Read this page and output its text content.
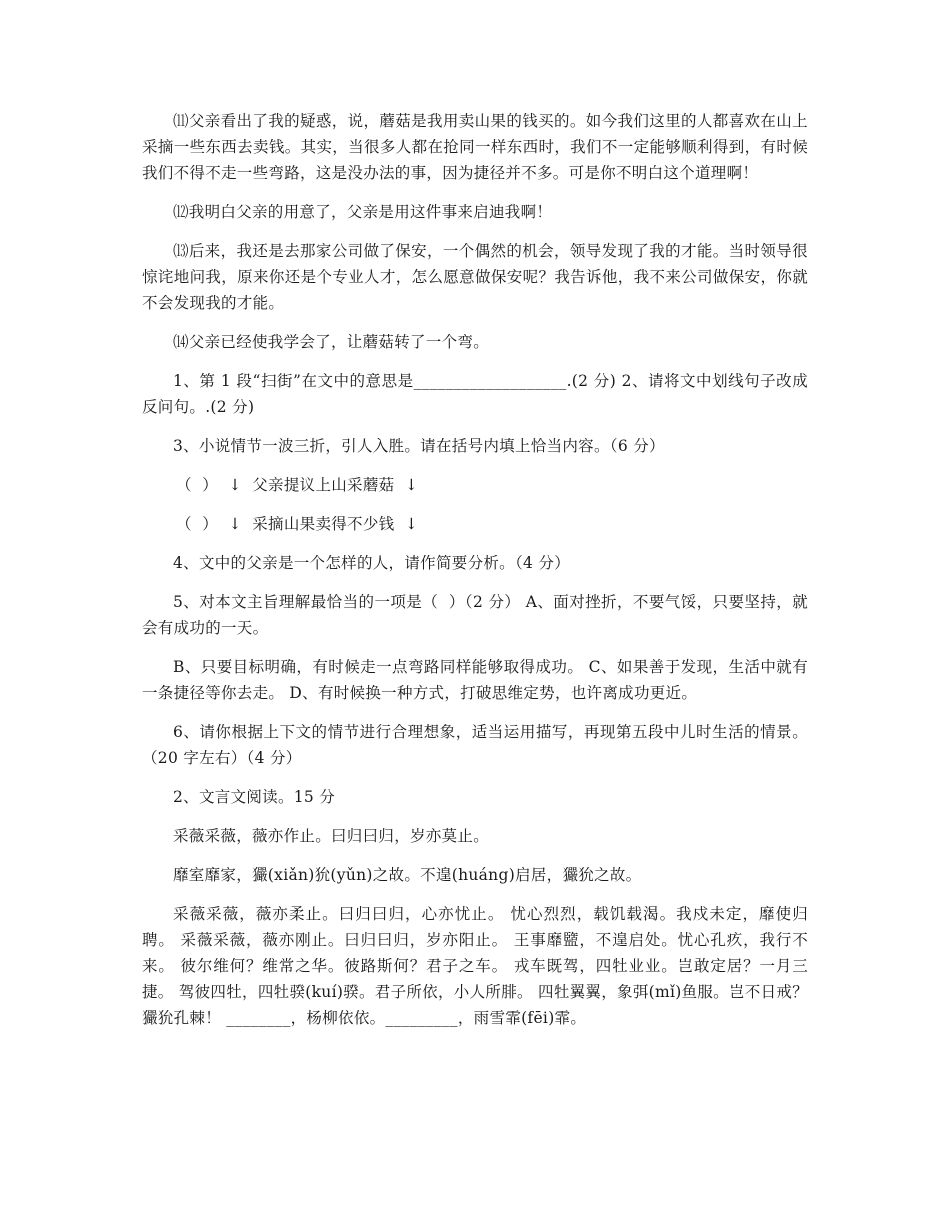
⑾父亲看出了我的疑惑，说，蘑菇是我用卖山果的钱买的。如今我们这里的人都喜欢在山上采摘一些东西去卖钱。其实，当很多人都在抢同一样东西时，我们不一定能够顺利得到，有时候我们不得不走一些弯路，这是没办法的事，因为捷径并不多。可是你不明白这个道理啊！

⑿我明白父亲的用意了，父亲是用这件事来启迪我啊！

⒀后来，我还是去那家公司做了保安，一个偶然的机会，领导发现了我的才能。当时领导很惊诧地问我，原来你还是个专业人才，怎么愿意做保安呢？我告诉他，我不来公司做保安，你就不会发现我的才能。

⒁父亲已经使我学会了，让蘑菇转了一个弯。

1、第 1 段“扫街”在文中的意思是___________________.(2 分) 2、请将文中划线句子改成反问句。.(2 分)

3、小说情节一波三折，引人入胜。请在括号内填上恰当内容。（6 分）

（  ）  ↓  父亲提议上山采蘑菇  ↓
（  ）  ↓  采摘山果卖得不少钱  ↓

4、文中的父亲是一个怎样的人，请作简要分析。（4 分）

5、对本文主旨理解最恰当的一项是（  ）（2 分） A、面对挫折，不要气馁，只要坚持，就会有成功的一天。

B、只要目标明确，有时候走一点弯路同样能够取得成功。 C、如果善于发现，生活中就有一条捷径等你去走。 D、有时候换一种方式，打破思维定势，也许离成功更近。

6、请你根据上下文的情节进行合理想象，适当运用描写，再现第五段中儿时生活的情景。（20 字左右）（4 分）

2、文言文阅读。15 分

采薇采薇，薇亦作止。曰归曰归，岁亦莫止。

靡室靡家，玁(xiǎn)狁(yǔn)之故。不遑(huáng)启居，玁狁之故。

采薇采薇，薇亦柔止。曰归曰归，心亦忧止。 忧心烈烈，载饥载渴。我戍未定，靡使归聘。 采薇采薇，薇亦刚止。曰归曰归，岁亦阳止。 王事靡盬，不遑启处。忧心孔疚，我行不来。 彼尔维何？维常之华。彼路斯何？君子之车。 戎车既驾，四牡业业。岂敢定居？一月三捷。 驾彼四牡，四牡骙(kuí)骙。君子所依，小人所腓。 四牡翼翼，象弭(mǐ)鱼服。岂不日戒？玁狁孔棘！ ________，杨柳依依。_________，雨雪霏(fēi)霏。
